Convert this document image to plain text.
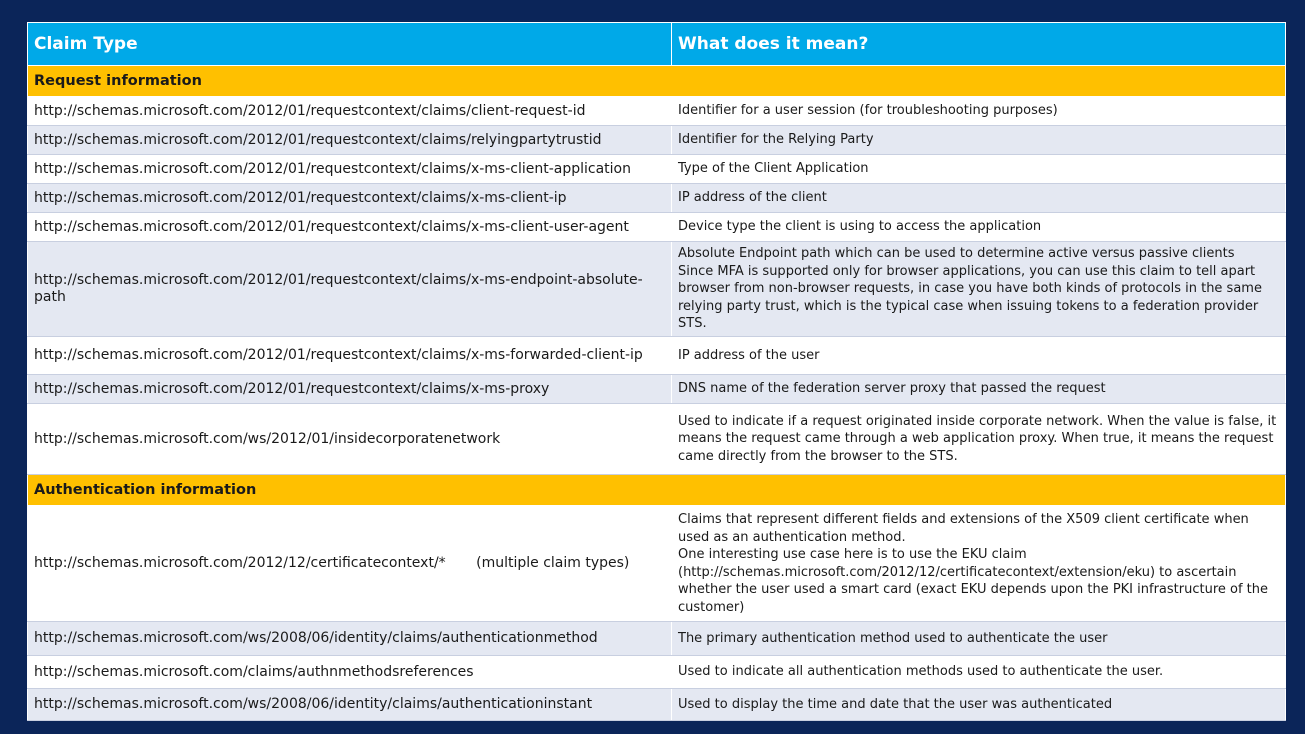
Claim Type	What does it mean?
Request information	
http://schemas.microsoft.com/2012/01/requestcontext/claims/client-request-id	Identifier for a user session (for troubleshooting purposes)
http://schemas.microsoft.com/2012/01/requestcontext/claims/relyingpartytrustid	Identifier for the Relying Party
http://schemas.microsoft.com/2012/01/requestcontext/claims/x-ms-client-application	Type of the Client Application
http://schemas.microsoft.com/2012/01/requestcontext/claims/x-ms-client-ip	IP address of the client
http://schemas.microsoft.com/2012/01/requestcontext/claims/x-ms-client-user-agent	Device type the client is using to access the application
http://schemas.microsoft.com/2012/01/requestcontext/claims/x-ms-endpoint-absolute-path	Absolute Endpoint path which can be used to determine active versus passive clients
Since MFA is supported only for browser applications, you can use this claim to tell apart browser from non-browser requests, in case you have both kinds of protocols in the same relying party trust, which is the typical case when issuing tokens to a federation provider STS.

http://schemas.microsoft.com/2012/01/requestcontext/claims/x-ms-forwarded-client-ip	IP address of the user
http://schemas.microsoft.com/2012/01/requestcontext/claims/x-ms-proxy	DNS name of the federation server proxy that passed the request
http://schemas.microsoft.com/ws/2012/01/insidecorporatenetwork	Used to indicate if a request originated inside corporate network. When the value is false, it means the request came through a web application proxy. When true, it means the request came directly from the browser to the STS.
Authentication information	
http://schemas.microsoft.com/2012/12/certificatecontext/* (multiple claim types)	Claims that represent different fields and extensions of the X509 client certificate when used as an authentication method.
One interesting use case here is to use the EKU claim (http://schemas.microsoft.com/2012/12/certificatecontext/extension/eku) to ascertain whether the user used a smart card (exact EKU depends upon the PKI infrastructure of the customer)

http://schemas.microsoft.com/ws/2008/06/identity/claims/authenticationmethod	The primary authentication method used to authenticate the user
http://schemas.microsoft.com/claims/authnmethodsreferences	Used to indicate all authentication methods used to authenticate the user.
http://schemas.microsoft.com/ws/2008/06/identity/claims/authenticationinstant	Used to display the time and date that the user was authenticated
